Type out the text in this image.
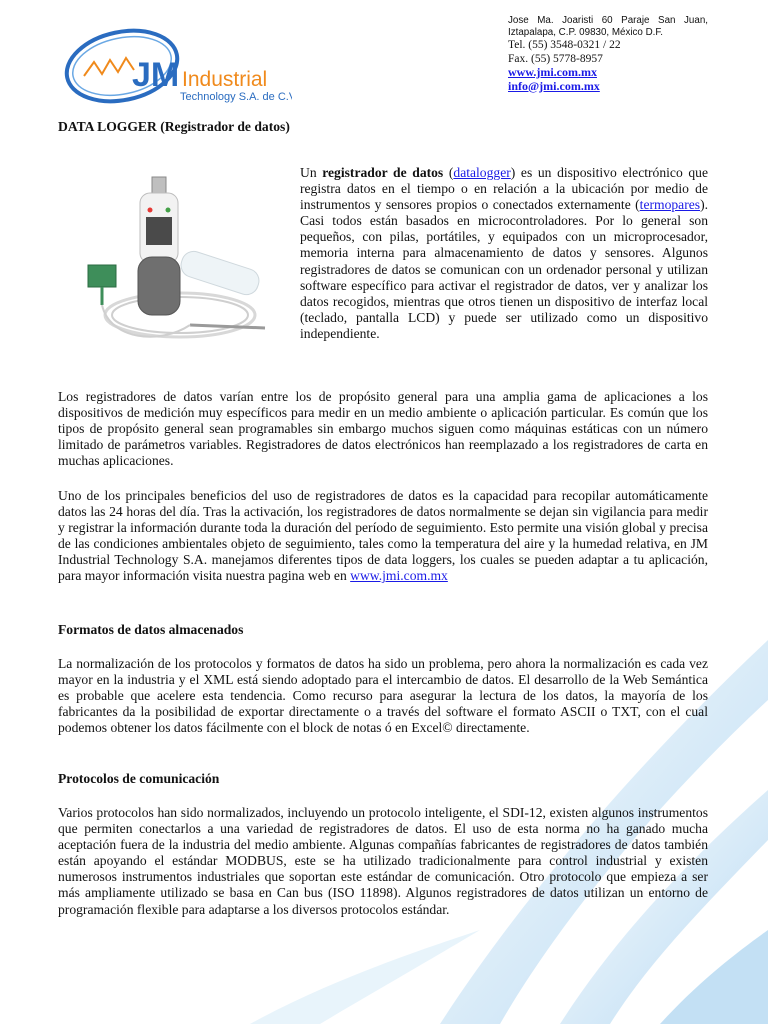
JM Industrial
Technology S.A. de C.V.
Jose Ma. Joaristi 60 Paraje San Juan,
Iztapalapa, C.P. 09830, México D.F.
Tel. (55) 3548-0321 / 22
Fax. (55) 5778-8957
www.jmi.com.mx
info@jmi.com.mx
DATA LOGGER (Registrador de datos)

Un registrador de datos (datalogger) es un dispositivo electrónico que registra datos en el tiempo o en relación a la ubicación por medio de instrumentos y sensores propios o conectados externamente (termopares). Casi todos están basados en microcontroladores. Por lo general son pequeños, con pilas, portátiles, y equipados con un microprocesador, memoria interna para almacenamiento de datos y sensores. Algunos registradores de datos se comunican con un ordenador personal y utilizan software específico para activar el registrador de datos, ver y analizar los datos recogidos, mientras que otros tienen un dispositivo de interfaz local (teclado, pantalla LCD) y puede ser utilizado como un dispositivo independiente.

Los registradores de datos varían entre los de propósito general para una amplia gama de aplicaciones a los dispositivos de medición muy específicos para medir en un medio ambiente o aplicación particular. Es común que los tipos de propósito general sean programables sin embargo muchos siguen como máquinas estáticas con un número limitado de parámetros variables. Registradores de datos electrónicos han reemplazado a los registradores de carta en muchas aplicaciones.

Uno de los principales beneficios del uso de registradores de datos es la capacidad para recopilar automáticamente datos las 24 horas del día. Tras la activación, los registradores de datos normalmente se dejan sin vigilancia para medir y registrar la información durante toda la duración del período de seguimiento. Esto permite una visión global y precisa de las condiciones ambientales objeto de seguimiento, tales como la temperatura del aire y la humedad relativa, en JM Industrial Technology S.A. manejamos diferentes tipos de data loggers, los cuales se pueden adaptar a tu aplicación, para mayor información visita nuestra pagina web en www.jmi.com.mx

Formatos de datos almacenados

La normalización de los protocolos y formatos de datos ha sido un problema, pero ahora la normalización es cada vez mayor en la industria y el XML está siendo adoptado para el intercambio de datos. El desarrollo de la Web Semántica es probable que acelere esta tendencia. Como recurso para asegurar la lectura de los datos, la mayoría de los fabricantes da la posibilidad de exportar directamente o a través del software el formato ASCII o TXT, con el cual podemos obtener los datos fácilmente con el block de notas ó en Excel© directamente.

Protocolos de comunicación

Varios protocolos han sido normalizados, incluyendo un protocolo inteligente, el SDI-12, existen algunos instrumentos que permiten conectarlos a una variedad de registradores de datos. El uso de esta norma no ha ganado mucha aceptación fuera de la industria del medio ambiente. Algunas compañías fabricantes de registradores de datos también están apoyando el estándar MODBUS, este se ha utilizado tradicionalmente para control industrial y existen numerosos instrumentos industriales que soportan este estándar de comunicación. Otro protocolo que empieza a ser más ampliamente utilizado se basa en Can bus (ISO 11898). Algunos registradores de datos utilizan un entorno de programación flexible para adaptarse a los diversos protocolos estándar.
